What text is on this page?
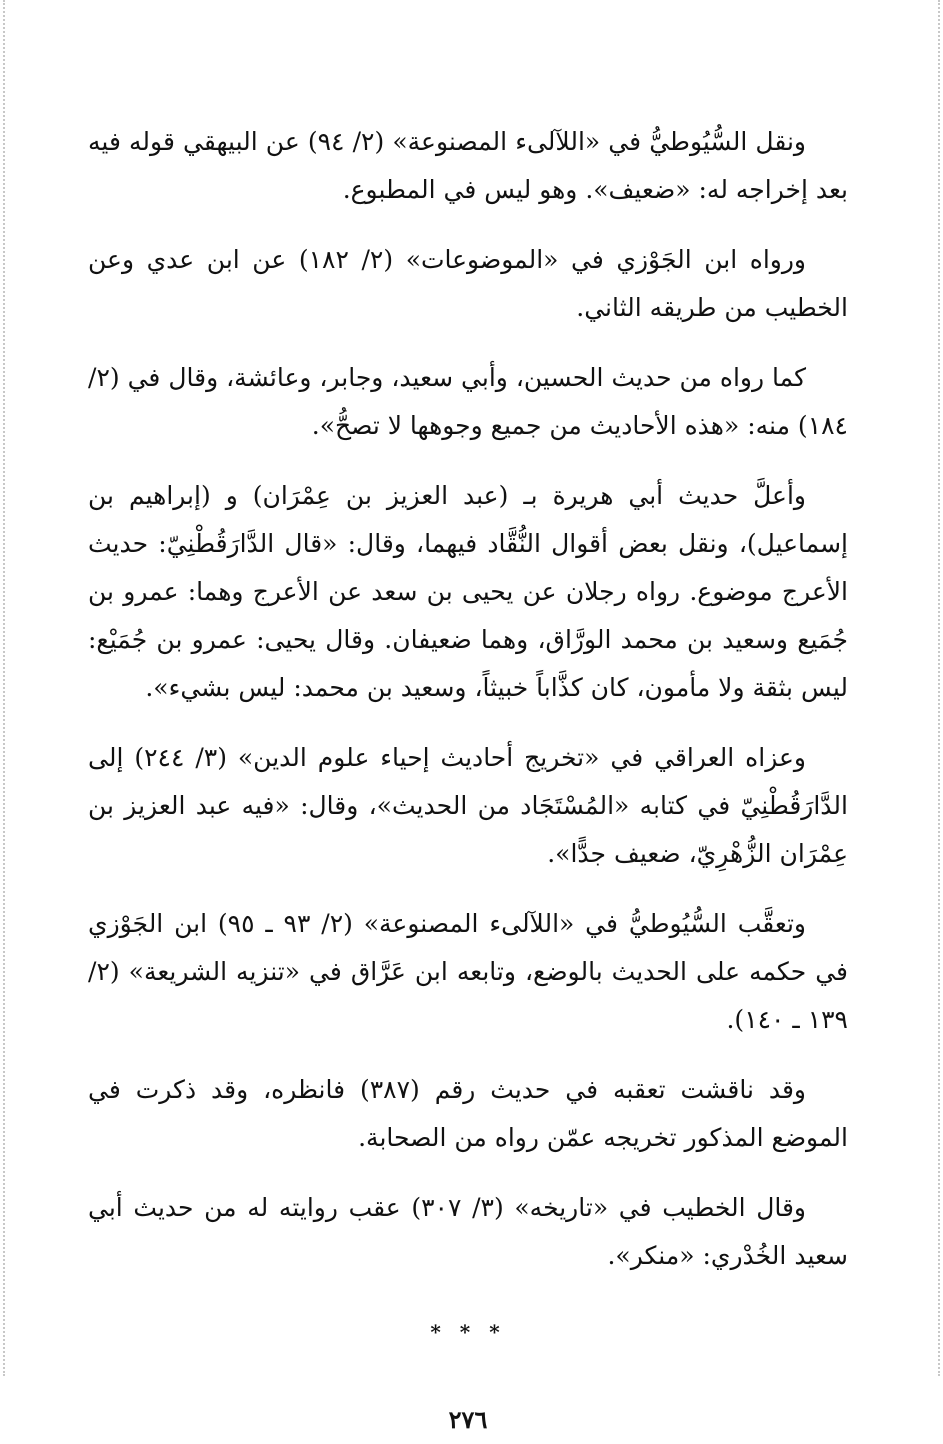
ونقل السُّيُوطيُّ في «اللآلىء المصنوعة» (٢/ ٩٤) عن البيهقي قوله فيه بعد إخراجه له: «ضعيف». وهو ليس في المطبوع.

ورواه ابن الجَوْزي في «الموضوعات» (٢/ ١٨٢) عن ابن عدي وعن الخطيب من طريقه الثاني.

كما رواه من حديث الحسين، وأبي سعيد، وجابر، وعائشة، وقال في (٢/ ١٨٤) منه: «هذه الأحاديث من جميع وجوهها لا تصحُّ».

وأعلَّ حديث أبي هريرة بـ (عبد العزيز بن عِمْرَان) و (إبراهيم بن إسماعيل)، ونقل بعض أقوال النُّقَّاد فيهما، وقال: «قال الدَّارَقُطْنِيّ: حديث الأعرج موضوع. رواه رجلان عن يحيى بن سعد عن الأعرج وهما: عمرو بن جُمَيع وسعيد بن محمد الورَّاق، وهما ضعيفان. وقال يحيى: عمرو بن جُمَيْع: ليس بثقة ولا مأمون، كان كذَّاباً خبيثاً، وسعيد بن محمد: ليس بشيء».

وعزاه العراقي في «تخريج أحاديث إحياء علوم الدين» (٣/ ٢٤٤) إلى الدَّارَقُطْنِيّ في كتابه «المُسْتَجَاد من الحديث»، وقال: «فيه عبد العزيز بن عِمْرَان الزُّهْرِيّ، ضعيف جدًّا».

وتعقَّب السُّيُوطيُّ في «اللآلىء المصنوعة» (٢/ ٩٣ ـ ٩٥) ابن الجَوْزي في حكمه على الحديث بالوضع، وتابعه ابن عَرَّاق في «تنزيه الشريعة» (٢/ ١٣٩ ـ ١٤٠).

وقد ناقشت تعقبه في حديث رقم (٣٨٧) فانظره، وقد ذكرت في الموضع المذكور تخريجه عمّن رواه من الصحابة.

وقال الخطيب في «تاريخه» (٣/ ٣٠٧) عقب روايته له من حديث أبي سعيد الخُدْري: «منكر».

* * *
٢٧٦
